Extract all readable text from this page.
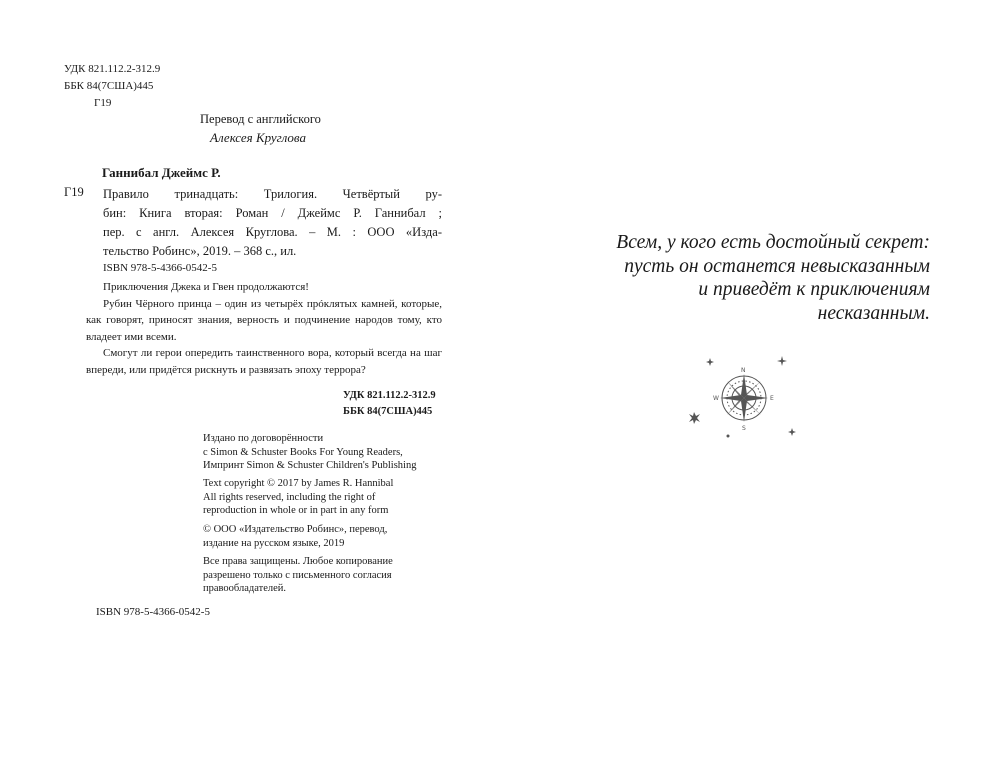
УДК 821.112.2-312.9
ББК 84(7США)445
Г19
Перевод с английского
Алексея Круглова
Ганнибал Джеймс Р.
Г19 Правило тринадцать: Трилогия. Четвёртый ру-
бин: Книга вторая: Роман / Джеймс Р. Ганнибал ;
пер. с англ. Алексея Круглова. – М. : ООО «Изда-
тельство Робинс», 2019. – 368 с., ил.
ISBN 978-5-4366-0542-5

Приключения Джека и Гвен продолжаются!

Рубин Чёрного принца – один из четырёх прóклятых камней, которые, как говорят, приносят знания, верность и подчинение народов тому, кто владеет ими всеми.

Смогут ли герои опередить таинственного вора, который всегда на шаг впереди, или придётся рискнуть и развязать эпоху террора?

УДК 821.112.2-312.9
ББК 84(7США)445
Издано по договорённости
с Simon & Schuster Books For Young Readers,
Импринт Simon & Schuster Children's Publishing
Text copyright © 2017 by James R. Hannibal
All rights reserved, including the right of
reproduction in whole or in part in any form
© ООО «Издательство Робинс», перевод,
издание на русском языке, 2019
Все права защищены. Любое копирование
разрешено только с письменного согласия
правообладателей.
ISBN 978-5-4366-0542-5
Всем, у кого есть достойный секрет:
пусть он останется невысказанным
и приведёт к приключениям
несказанным.
N
E
S
W
